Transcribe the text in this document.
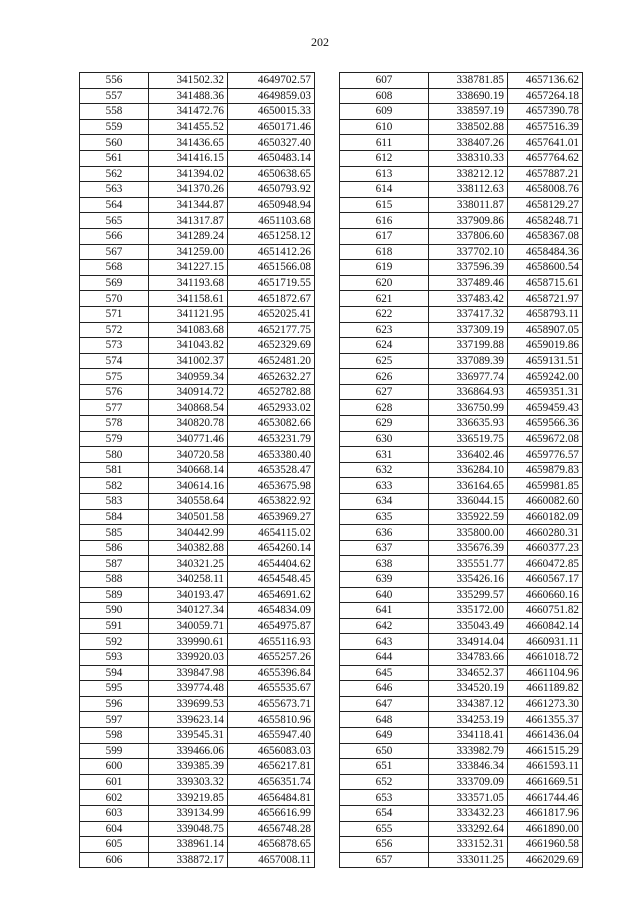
202
556	341502.32	4649702.57
557	341488.36	4649859.03
558	341472.76	4650015.33
559	341455.52	4650171.46
560	341436.65	4650327.40
561	341416.15	4650483.14
562	341394.02	4650638.65
563	341370.26	4650793.92
564	341344.87	4650948.94
565	341317.87	4651103.68
566	341289.24	4651258.12
567	341259.00	4651412.26
568	341227.15	4651566.08
569	341193.68	4651719.55
570	341158.61	4651872.67
571	341121.95	4652025.41
572	341083.68	4652177.75
573	341043.82	4652329.69
574	341002.37	4652481.20
575	340959.34	4652632.27
576	340914.72	4652782.88
577	340868.54	4652933.02
578	340820.78	4653082.66
579	340771.46	4653231.79
580	340720.58	4653380.40
581	340668.14	4653528.47
582	340614.16	4653675.98
583	340558.64	4653822.92
584	340501.58	4653969.27
585	340442.99	4654115.02
586	340382.88	4654260.14
587	340321.25	4654404.62
588	340258.11	4654548.45
589	340193.47	4654691.62
590	340127.34	4654834.09
591	340059.71	4654975.87
592	339990.61	4655116.93
593	339920.03	4655257.26
594	339847.98	4655396.84
595	339774.48	4655535.67
596	339699.53	4655673.71
597	339623.14	4655810.96
598	339545.31	4655947.40
599	339466.06	4656083.03
600	339385.39	4656217.81
601	339303.32	4656351.74
602	339219.85	4656484.81
603	339134.99	4656616.99
604	339048.75	4656748.28
605	338961.14	4656878.65
606	338872.17	4657008.11
607	338781.85	4657136.62
608	338690.19	4657264.18
609	338597.19	4657390.78
610	338502.88	4657516.39
611	338407.26	4657641.01
612	338310.33	4657764.62
613	338212.12	4657887.21
614	338112.63	4658008.76
615	338011.87	4658129.27
616	337909.86	4658248.71
617	337806.60	4658367.08
618	337702.10	4658484.36
619	337596.39	4658600.54
620	337489.46	4658715.61
621	337483.42	4658721.97
622	337417.32	4658793.11
623	337309.19	4658907.05
624	337199.88	4659019.86
625	337089.39	4659131.51
626	336977.74	4659242.00
627	336864.93	4659351.31
628	336750.99	4659459.43
629	336635.93	4659566.36
630	336519.75	4659672.08
631	336402.46	4659776.57
632	336284.10	4659879.83
633	336164.65	4659981.85
634	336044.15	4660082.60
635	335922.59	4660182.09
636	335800.00	4660280.31
637	335676.39	4660377.23
638	335551.77	4660472.85
639	335426.16	4660567.17
640	335299.57	4660660.16
641	335172.00	4660751.82
642	335043.49	4660842.14
643	334914.04	4660931.11
644	334783.66	4661018.72
645	334652.37	4661104.96
646	334520.19	4661189.82
647	334387.12	4661273.30
648	334253.19	4661355.37
649	334118.41	4661436.04
650	333982.79	4661515.29
651	333846.34	4661593.11
652	333709.09	4661669.51
653	333571.05	4661744.46
654	333432.23	4661817.96
655	333292.64	4661890.00
656	333152.31	4661960.58
657	333011.25	4662029.69
